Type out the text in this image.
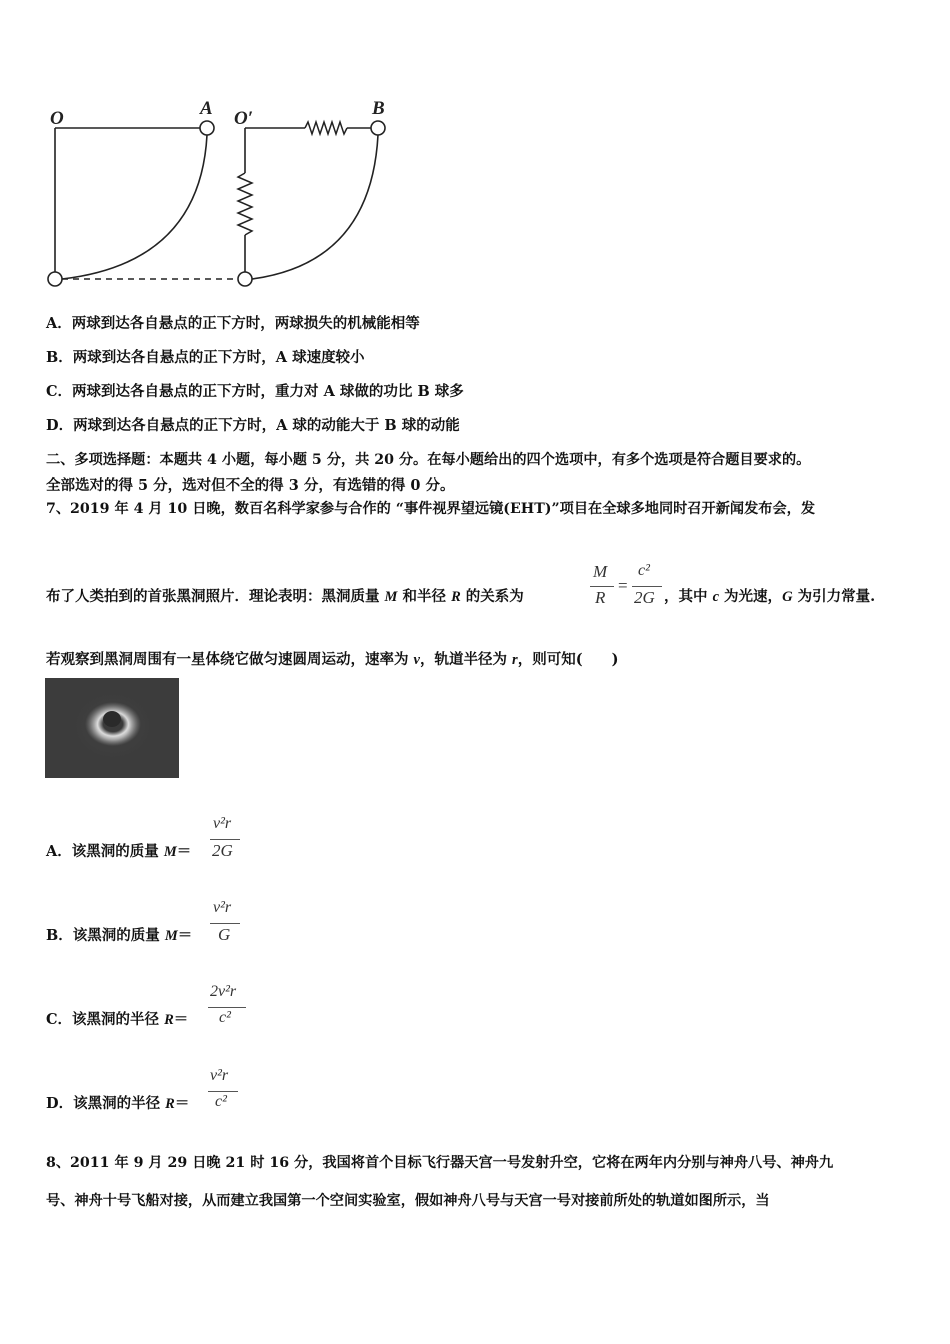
O	A O′	B
A．两球到达各自悬点的正下方时，两球损失的机械能相等
B．两球到达各自悬点的正下方时，A 球速度较小
C．两球到达各自悬点的正下方时，重力对 A 球做的功比 B 球多
D．两球到达各自悬点的正下方时，A 球的动能大于 B 球的动能
二、多项选择题：本题共 4 小题，每小题 5 分，共 20 分。在每小题给出的四个选项中，有多个选项是符合题目要求的。
全部选对的得 5 分，选对但不全的得 3 分，有选错的得 0 分。
7、2019 年 4 月 10 日晚，数百名科学家参与合作的 “事件视界望远镜(EHT)”项目在全球多地同时召开新闻发布会，发
布了人类拍到的首张黑洞照片．理论表明：黑洞质量 M 和半径 R 的关系为
M
R
=
c²
2G ，其中 c 为光速，G 为引力常量.
若观察到黑洞周围有一星体绕它做匀速圆周运动，速率为 v，轨道半径为 r，则可知(　　)
A．该黑洞的质量 M＝
v²r
2G
B．该黑洞的质量 M＝
v²r
G
C．该黑洞的半径 R＝
2v²r
c²
D．该黑洞的半径 R＝
v²r
c²
8、2011 年 9 月 29 日晚 21 时 16 分，我国将首个目标飞行器天宫一号发射升空，它将在两年内分别与神舟八号、神舟九
号、神舟十号飞船对接，从而建立我国第一个空间实验室，假如神舟八号与天宫一号对接前所处的轨道如图所示，当
